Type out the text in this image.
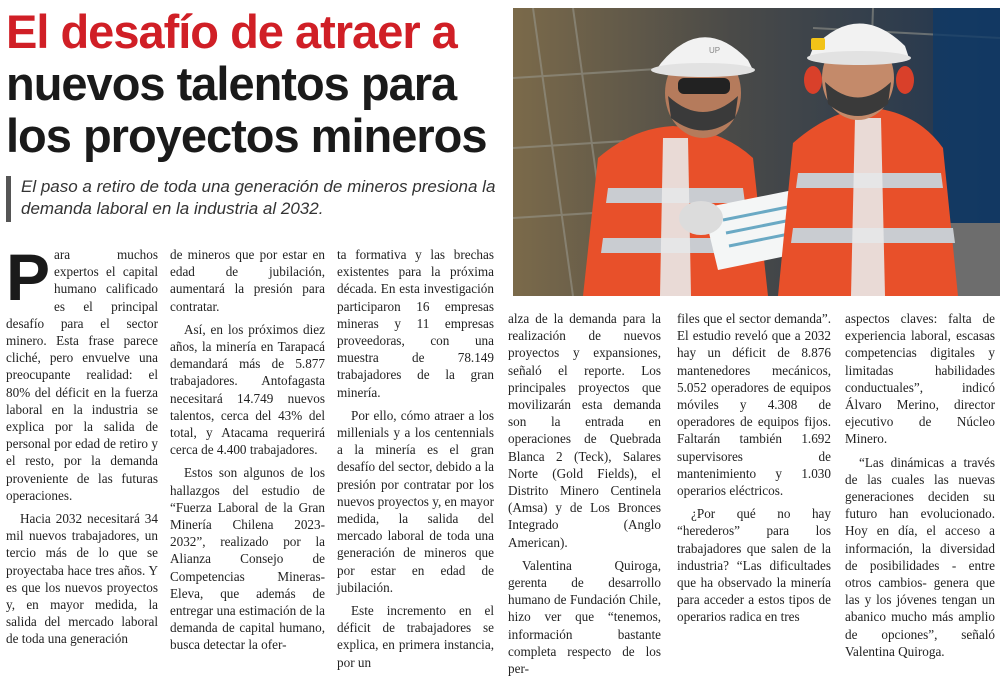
El desafío de atraer a
nuevos talentos para
los proyectos mineros
El paso a retiro de toda una generación de mineros presiona la demanda laboral en la industria al 2032.
UP

Para muchos expertos el capital humano calificado es el principal desafío para el sector minero. Esta frase parece cliché, pero envuelve una preocupante realidad: el 80% del déficit en la fuerza laboral en la industria se explica por la salida de personal por edad de retiro y el resto, por la demanda proveniente de las futuras operaciones.

Hacia 2032 necesitará 34 mil nuevos trabajadores, un tercio más de lo que se proyectaba hace tres años. Y es que los nuevos proyectos y, en mayor medida, la salida del mercado laboral de toda una generación

de mineros que por estar en edad de jubilación, aumentará la presión para contratar.

Así, en los próximos diez años, la minería en Tarapacá demandará más de 5.877 trabajadores. Antofagasta necesitará 14.749 nuevos talentos, cerca del 43% del total, y Atacama requerirá cerca de 4.400 trabajadores.

Estos son algunos de los hallazgos del estudio de “Fuerza Laboral de la Gran Minería Chilena 2023-2032”, realizado por la Alianza Consejo de Competencias Mineras-Eleva, que además de entregar una estimación de la demanda de capital humano, busca detectar la ofer-

ta formativa y las brechas existentes para la próxima década. En esta investigación participaron 16 empresas mineras y 11 empresas proveedoras, con una muestra de 78.149 trabajadores de la gran minería.

Por ello, cómo atraer a los millenials y a los centennials a la minería es el gran desafío del sector, debido a la presión por contratar por los nuevos proyectos y, en mayor medida, la salida del mercado laboral de toda una generación de mineros que por estar en edad de jubilación.

Este incremento en el déficit de trabajadores se explica, en primera instancia, por un

alza de la demanda para la realización de nuevos proyectos y expansiones, señaló el reporte. Los principales proyectos que movilizarán esta demanda son la entrada en operaciones de Quebrada Blanca 2 (Teck), Salares Norte (Gold Fields), el Distrito Minero Centinela (Amsa) y de Los Bronces Integrado (Anglo American).

Valentina Quiroga, gerenta de desarrollo humano de Fundación Chile, hizo ver que “tenemos, información bastante completa respecto de los per-

files que el sector demanda”. El estudio reveló que a 2032 hay un déficit de 8.876 mantenedores mecánicos, 5.052 operadores de equipos móviles y 4.308 de operadores de equipos fijos. Faltarán también 1.692 supervisores de mantenimiento y 1.030 operarios eléctricos.

¿Por qué no hay “herederos” para los trabajadores que salen de la industria? “Las dificultades que ha observado la minería para acceder a estos tipos de operarios radica en tres

aspectos claves: falta de experiencia laboral, escasas competencias digitales y limitadas habilidades conductuales”, indicó Álvaro Merino, director ejecutivo de Núcleo Minero.

“Las dinámicas a través de las cuales las nuevas generaciones deciden su futuro han evolucionado. Hoy en día, el acceso a información, la diversidad de posibilidades - entre otros cambios- genera que las y los jóvenes tengan un abanico mucho más amplio de opciones”, señaló Valentina Quiroga.
